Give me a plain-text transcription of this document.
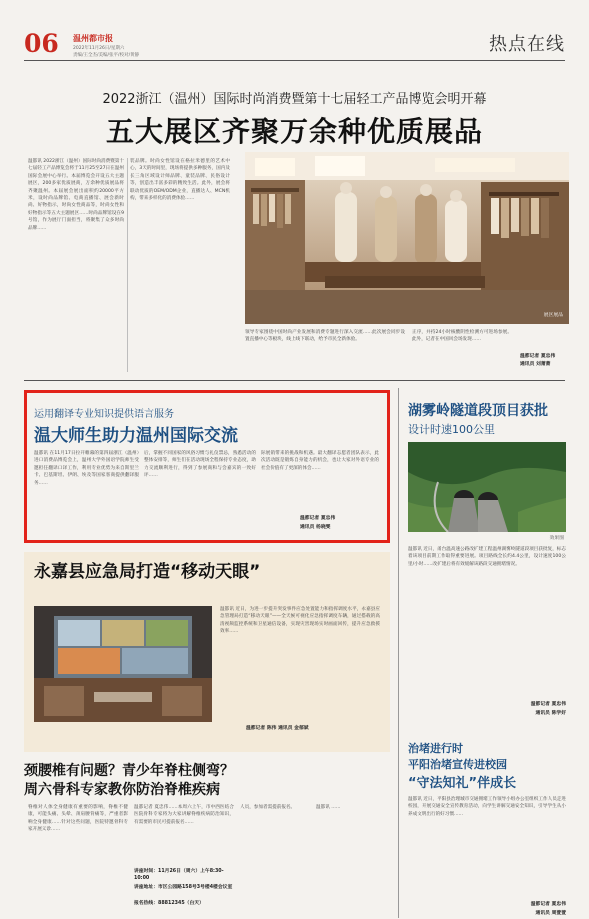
06 温州都市报
2022年11月26日/星期六
责编/王全杰/美编/张平/校对/黄静
热点在线
2022浙江（温州）国际时尚消费暨第十七届轻工产品博览会明开幕
五大展区齐聚万余种优质展品
温都讯 2022浙江（温州）国际时尚消费暨第十七届轻工产品博览会将于11月25至27日在温州国际会展中心举行。本届博览会开设五大主题展区，200多家优质展商，万余种优质展品将齐聚温州。本届展会展出面积约20000平方米，设时尚品牌馆、电商直播馆、展会新时尚、好物指示，时尚女性商品等，时尚女性和好物指示等五大主题展区……时尚品牌馆设在9号馆，作为展厅门面担当，将聚集了众多时尚品牌……
装品牌。时尚女性馆设在格拉米德里的艺术中心，3天的时间里，现场将提供多种服务，国内及长三角区域设计师品牌、童装品牌、民俗设计等，创造出丰富多彩的精致生活。此外，展会将联动优质的OEM/ODM企业，直播达人、MCN机构，带来多样化的消费体验……
展区展品
领导专家围绕中国时尚产业发展和消费专题进行深入交流……此次展会同步设置直播中心等板块，线上线下联动，给予市民全新体验。
正序，并持24小时核酸阴性检测方可进场参展。此外，记者在中国风会场发现……
温都记者 夏忠伟
通讯员 刘萧萧
运用翻译专业知识提供语言服务
温大师生助力温州国际交流
温都讯 在11月17日拉开帷幕的第四届浙江（温州）进口消费品博览会上，温州大学外国语学院师生受邀担任翻译口译工作，利用专业优势为来自斯里兰卡、巴基斯坦、伊朗、埃及等国家客商提供翻译服务……
后，掌握不同国家的风俗习惯与礼仪禁忌，熟悉活动的整体安排等，师生们在活动现场全程保持专业态度，助力交流顺利进行，得到了参展商和与会嘉宾的一致好评……
际展销带来的挑战和机遇。最大翻译志愿者团队表示，此次活动既是锻炼自身能力的机会，也让大家对外语专业的社会价值有了更深的体会……
温都记者 夏忠伟
通讯员 杨晓雯
永嘉县应急局打造“移动天眼”
温都讯 近日，为进一步提升突发事件应急处置能力和指挥调度水平，永嘉县应急管理局打造“移动天眼”——全天候可视化应急指挥调度车辆，通过搭载的高清视频监控系统和卫星通信设备，实现灾害现场实时画面回传，提升应急救援效率……
温都记者 陈伟 通讯员 金郁斌
颈腰椎有问题？青少年脊柱侧弯？
周六骨科专家教你防治脊椎疾病
脊椎对人体全身健康有重要的影响，脊椎不健康，可能头痛、头晕、颈肩腰背痛等，严重者影响全身健康……针对这些问题，医院特邀骨科专家开展义诊……
温都记者 夏忠伟……本周六上午，市中西医结合医院骨科专家将为大家讲解脊椎疾病防治知识，有需要的市民可提前报名……
讲座时间：11月26日（周六）上午8:30-10:00
讲座地址：市区公园路158号3号楼4楼会议室
报名热线：88812345（白天）
人员，参加者需提前报名。	温都讯 ……
湖雾岭隧道段顶目获批
设计时速100公里
效果图
温都讯 近日，甬台温高速公路改扩建工程温州湖雾岭隧道段项目获批复，标志着该项目前期工作取得重要进展。项目路线全长约4.4公里，设计速度100公里/小时……改扩建后将有效缓解该路段交通拥堵情况。
温都记者 夏忠伟
通讯员 陈学好
治堵进行时
平阳治堵宣传进校园
“守法知礼”伴成长
温都讯 近日，平阳县治理城市交通拥堵工作领导小组办公室组织工作人员走进校园，开展交通安全宣传教育活动，向学生讲解交通安全知识，引导学生从小养成文明出行的好习惯……
温都记者 夏忠伟
通讯员 周萱萱
